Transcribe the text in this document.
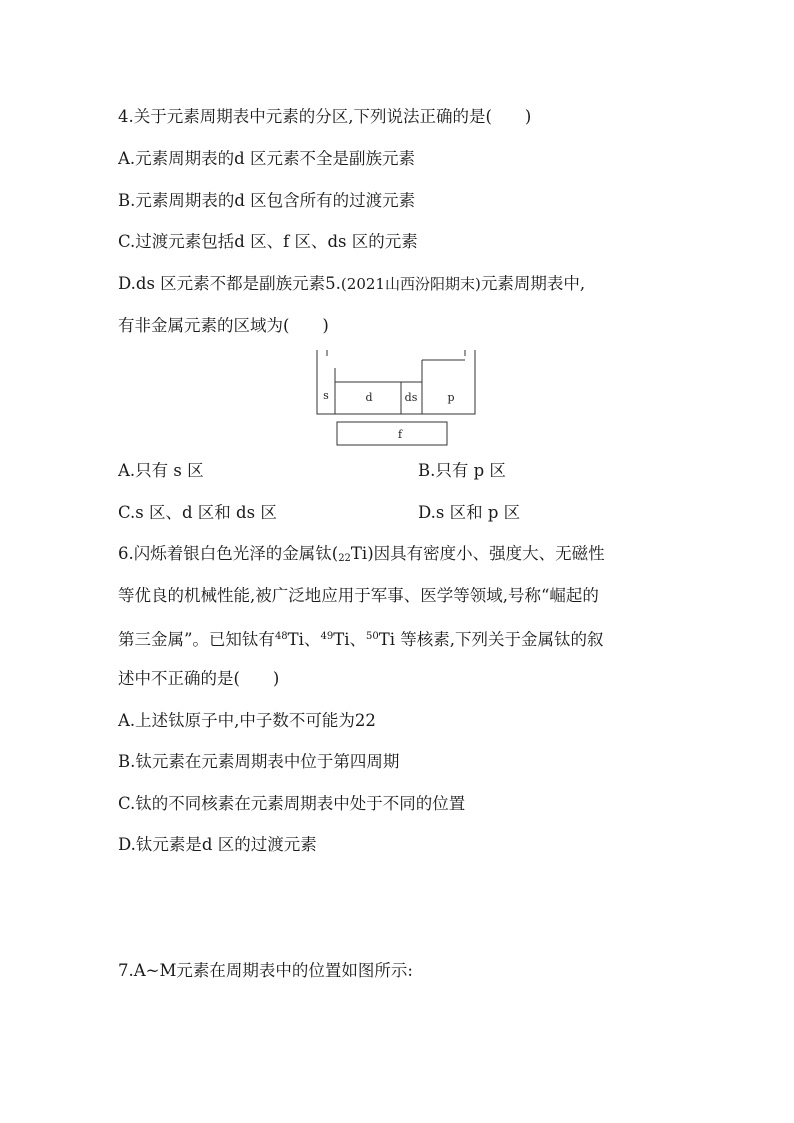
4.关于元素周期表中元素的分区,下列说法正确的是(　　)
A.元素周期表的d 区元素不全是副族元素
B.元素周期表的d 区包含所有的过渡元素
C.过渡元素包括d 区、f 区、ds 区的元素
D.ds 区元素不都是副族元素5.(2021山西汾阳期末)元素周期表中,
有非金属元素的区域为(　　)
s	d	ds	p
f
A.只有 s 区	B.只有 p 区
C.s 区、d 区和 ds 区	D.s 区和 p 区
6.闪烁着银白色光泽的金属钛$(_{22}Ti)$因具有密度小、强度大、无磁性
等优良的机械性能,被广泛地应用于军事、医学等领域,号称“崛起的
第三金属”。已知钛有$^{48}$Ti、$^{49}$Ti、$^{50}$Ti 等核素,下列关于金属钛的叙
述中不正确的是(　　)
A.上述钛原子中,中子数不可能为22
B.钛元素在元素周期表中位于第四周期
C.钛的不同核素在元素周期表中处于不同的位置
D.钛元素是d 区的过渡元素
7.A~M元素在周期表中的位置如图所示:
